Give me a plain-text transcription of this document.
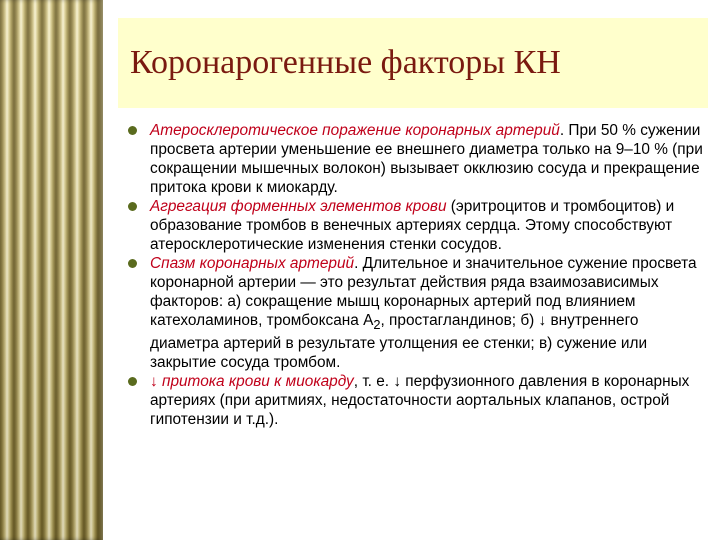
Коронарогенные факторы КН
Атеросклеротическое поражение коронарных артерий. При 50 % сужении просвета артерии уменьшение ее внешнего диаметра только на 9–10 % (при сокращении мышечных волокон) вызывает окклюзию сосуда и прекращение притока крови к миокарду.
Агрегация форменных элементов крови (эритроцитов и тромбоцитов) и образование тромбов в венечных артериях сердца. Этому способствуют атеросклеротические изменения стенки сосудов.
Спазм коронарных артерий. Длительное и значительное сужение просвета коронарной артерии — это результат действия ряда взаимозависимых факторов: а) сокращение мышц коронарных артерий под влиянием катехоламинов, тромбоксана $А_2$, простагландинов; б) ↓ внутреннего диаметра артерий в результате утолщения ее стенки; в) сужение или закрытие сосуда тромбом.
↓ притока крови к миокарду, т. е. ↓ перфузионного давления в коронарных артериях (при аритмиях, недостаточности аортальных клапанов, острой гипотензии и т.д.).
